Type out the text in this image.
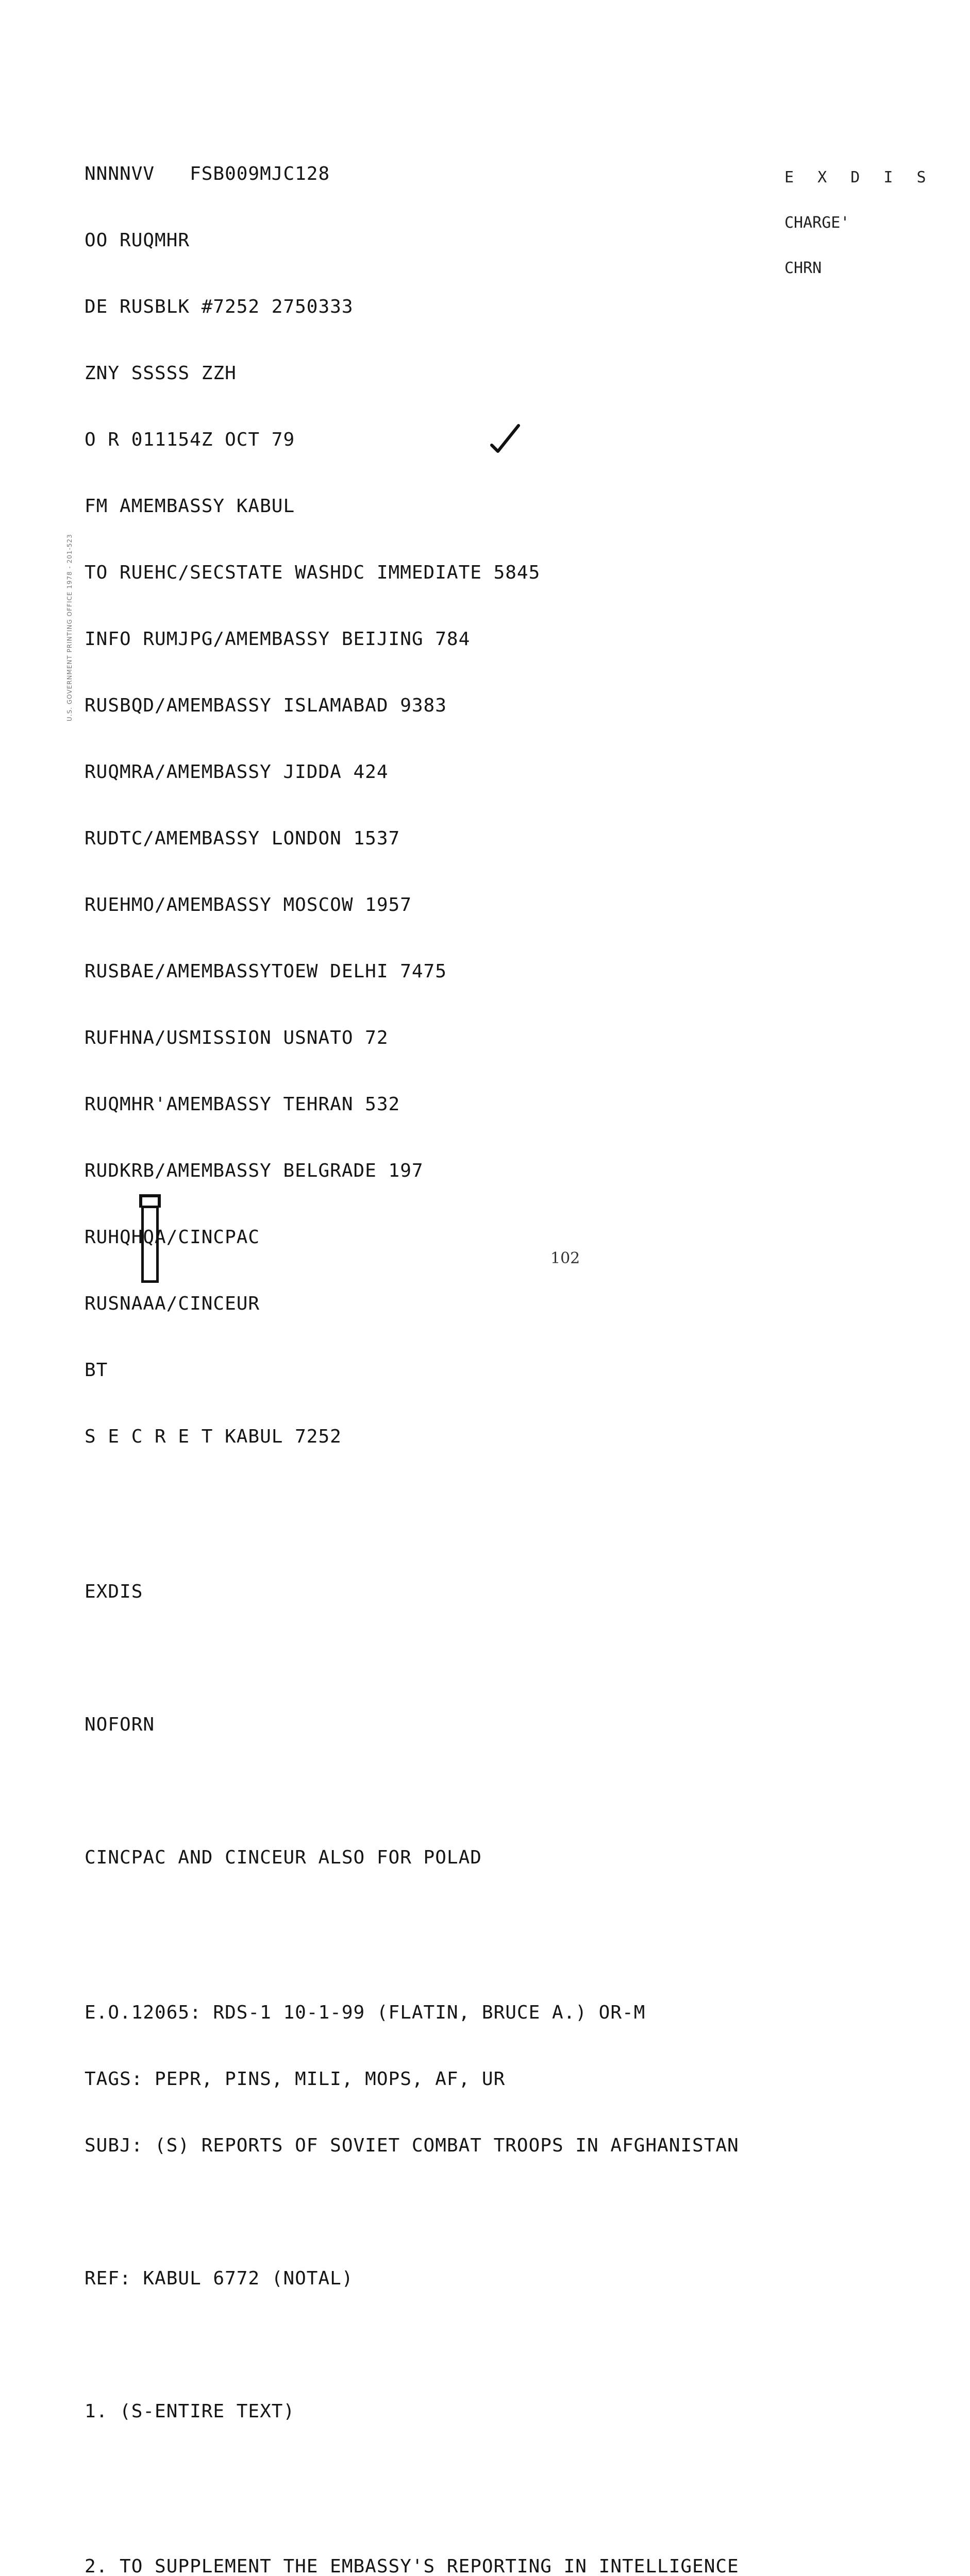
U.S. GOVERNMENT PRINTING OFFICE 1978 - 201-523

NNNNVV   FSB009MJC128

OO RUQMHR

DE RUSBLK #7252 2750333

ZNY SSSSS ZZH

O R 011154Z OCT 79

FM AMEMBASSY KABUL

TO RUEHC/SECSTATE WASHDC IMMEDIATE 5845

INFO RUMJPG/AMEMBASSY BEIJING 784

RUSBQD/AMEMBASSY ISLAMABAD 9383

RUQMRA/AMEMBASSY JIDDA 424

RUDTC/AMEMBASSY LONDON 1537

RUEHMO/AMEMBASSY MOSCOW 1957

RUSBAE/AMEMBASSYTOEW DELHI 7475

RUFHNA/USMISSION USNATO 72

RUQMHR'AMEMBASSY TEHRAN 532

RUDKRB/AMEMBASSY BELGRADE 197

RUHQHQA/CINCPAC

RUSNAAA/CINCEUR

BT

S E C R E T KABUL 7252

EXDIS

NOFORN

CINCPAC AND CINCEUR ALSO FOR POLAD

E.O.12065: RDS-1 10-1-99 (FLATIN, BRUCE A.) OR-M

TAGS: PEPR, PINS, MILI, MOPS, AF, UR

SUBJ: (S) REPORTS OF SOVIET COMBAT TROOPS IN AFGHANISTAN

REF: KABUL 6772 (NOTAL)

1. (S-ENTIRE TEXT)

2. TO SUPPLEMENT THE EMBASSY'S REPORTING IN INTELLIGENCE

E X D I S
CHARGE'
CHRN
102
